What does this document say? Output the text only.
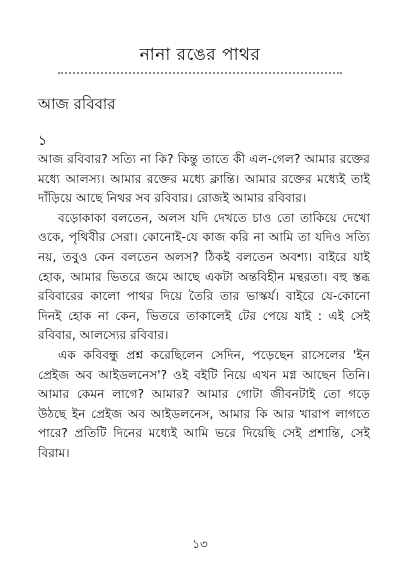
নানা রঙের পাথর
আজ রবিবার
১

আজ রবিবার? সত্যি না কি? কিন্তু তাতে কী এল-গেল? আমার রক্তের মধ্যে আলস্য। আমার রক্তের মধ্যে ক্লান্তি। আমার রক্তের মধ্যেই তাই দাঁড়িয়ে আছে নিথর সব রবিবার। রোজই আমার রবিবার।

বড়োকাকা বলতেন, অলস যদি দেখতে চাও তো তাকিয়ে দেখো ওকে, পৃথিবীর সেরা। কোনোই-যে কাজ করি না আমি তা যদিও সত্যি নয়, তবুও কেন বলতেন অলস? ঠিকই বলতেন অবশ্য। বাইরে যাই হোক, আমার ভিতরে জমে আছে একটা অন্তবিহীন মন্থরতা। বহু স্তব্ধ রবিবারের কালো পাথর দিয়ে তৈরি তার ভাস্কর্য। বাইরে যে-কোনো দিনই হোক না কেন, ভিতরে তাকালেই টের পেয়ে যাই : এই সেই রবিবার, আলস্যের রবিবার।

এক কবিবন্ধু প্রশ্ন করেছিলেন সেদিন, পড়েছেন রাসেলের 'ইন প্রেইজ অব আইডলনেস'? ওই বইটি নিয়ে এখন মগ্ন আছেন তিনি। আমার কেমন লাগে? আমার? আমার গোটা জীবনটাই তো গড়ে উঠছে ইন প্রেইজ অব আইডলনেস, আমার কি আর খারাপ লাগতে পারে? প্রতিটি দিনের মধ্যেই আমি ভরে দিয়েছি সেই প্রশান্তি, সেই বিরাম।

১৩
